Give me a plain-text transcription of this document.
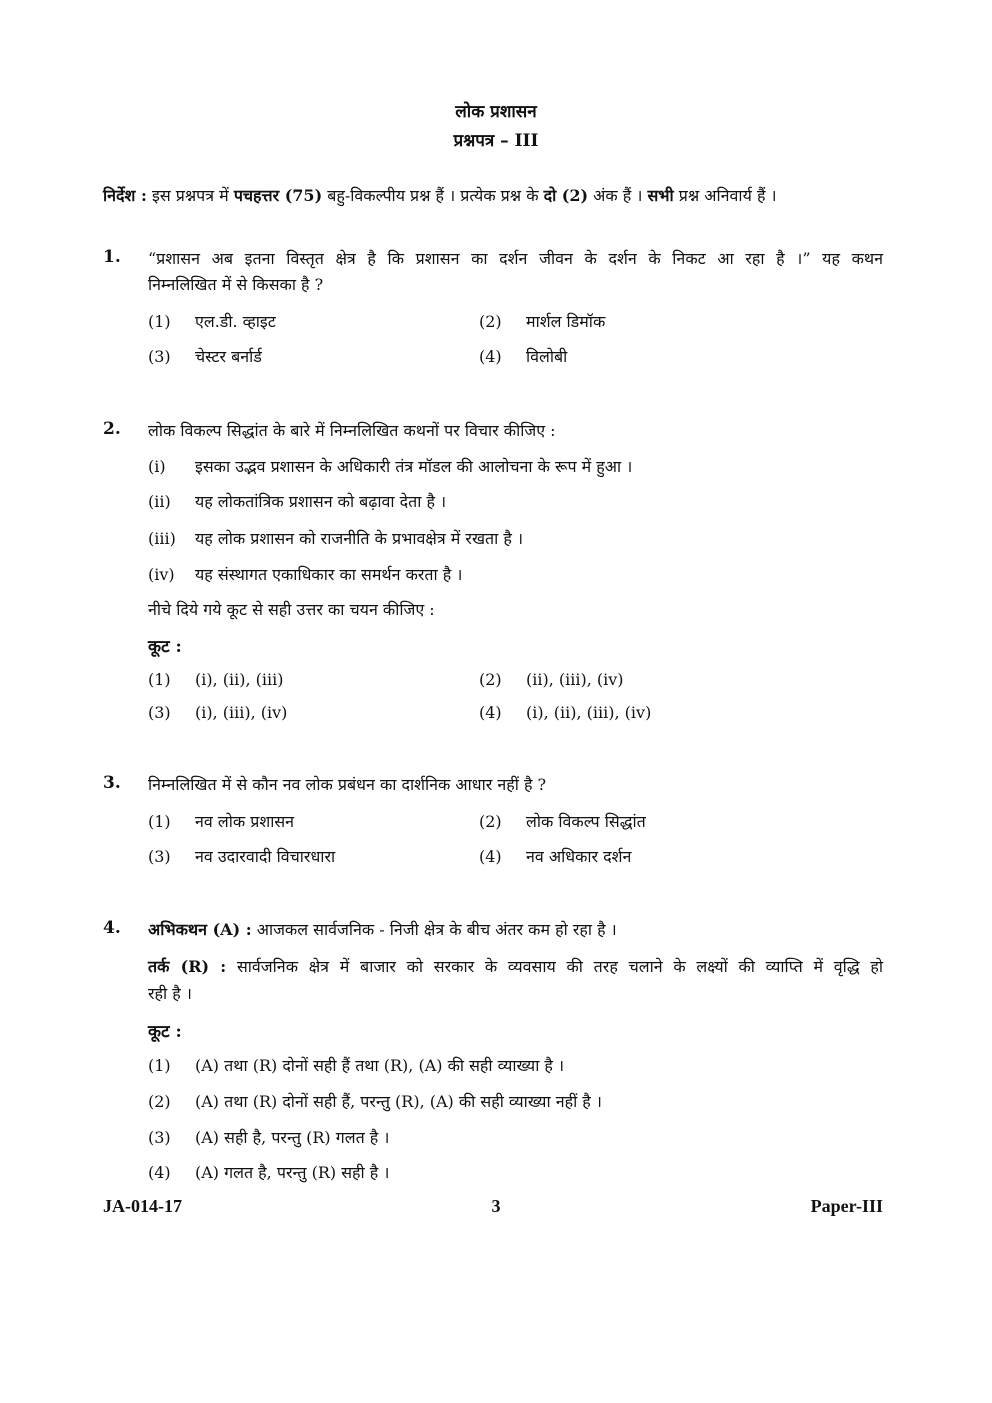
लोक प्रशासन
प्रश्नपत्र – III
निर्देश : इस प्रश्नपत्र में पचहत्तर (75) बहु-विकल्पीय प्रश्न हैं । प्रत्येक प्रश्न के दो (2) अंक हैं । सभी प्रश्न अनिवार्य हैं ।
1. “प्रशासन अब इतना विस्तृत क्षेत्र है कि प्रशासन का दर्शन जीवन के दर्शन के निकट आ रहा है ।” यह कथन
निम्नलिखित में से किसका है ?
(1) एल.डी. व्हाइट	(2) मार्शल डिमॉक
(3) चेस्टर बर्नार्ड	(4) विलोबी
2. लोक विकल्प सिद्धांत के बारे में निम्नलिखित कथनों पर विचार कीजिए :
(i) इसका उद्भव प्रशासन के अधिकारी तंत्र मॉडल की आलोचना के रूप में हुआ ।
(ii) यह लोकतांत्रिक प्रशासन को बढ़ावा देता है ।
(iii) यह लोक प्रशासन को राजनीति के प्रभावक्षेत्र में रखता है ।
(iv) यह संस्थागत एकाधिकार का समर्थन करता है ।
नीचे दिये गये कूट से सही उत्तर का चयन कीजिए :
कूट :
(1) (i), (ii), (iii)	(2) (ii), (iii), (iv)
(3) (i), (iii), (iv)	(4) (i), (ii), (iii), (iv)
3. निम्नलिखित में से कौन नव लोक प्रबंधन का दार्शनिक आधार नहीं है ?
(1) नव लोक प्रशासन	(2) लोक विकल्प सिद्धांत
(3) नव उदारवादी विचारधारा	(4) नव अधिकार दर्शन
4. अभिकथन (A) : आजकल सार्वजनिक - निजी क्षेत्र के बीच अंतर कम हो रहा है ।
तर्क (R) : सार्वजनिक क्षेत्र में बाजार को सरकार के व्यवसाय की तरह चलाने के लक्ष्यों की व्याप्ति में वृद्धि हो
रही है ।
कूट :
(1) (A) तथा (R) दोनों सही हैं तथा (R), (A) की सही व्याख्या है ।
(2) (A) तथा (R) दोनों सही हैं, परन्तु (R), (A) की सही व्याख्या नहीं है ।
(3) (A) सही है, परन्तु (R) गलत है ।
(4) (A) गलत है, परन्तु (R) सही है ।
JA-014-17	3	Paper-III
